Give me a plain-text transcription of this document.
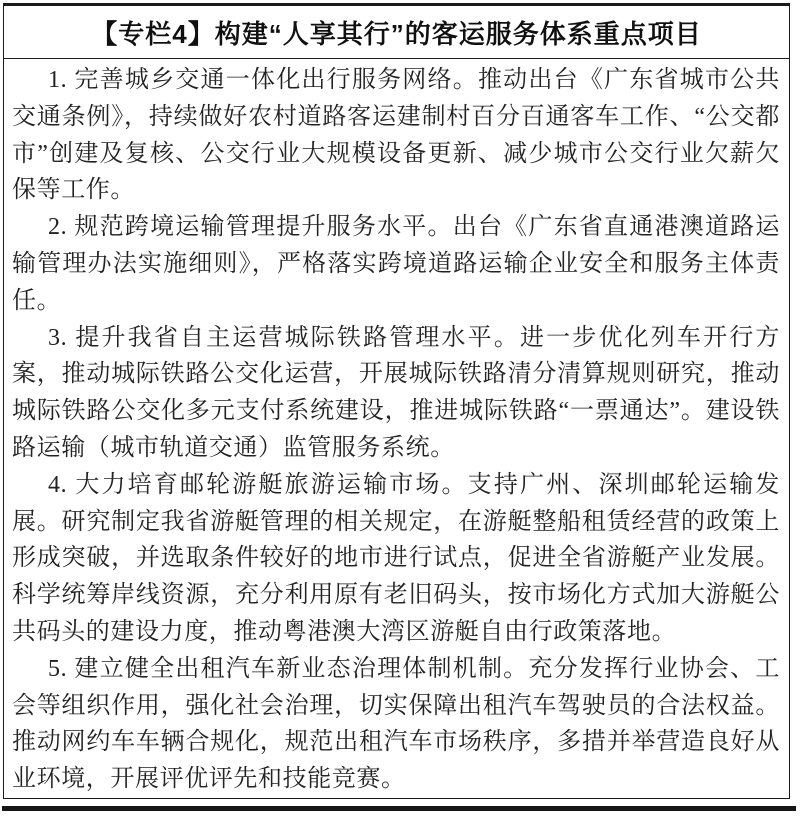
【专栏4】构建“人享其行”的客运服务体系重点项目

1. 完善城乡交通一体化出行服务网络。推动出台《广东省城市公共交通条例》，持续做好农村道路客运建制村百分百通客车工作、“公交都市”创建及复核、公交行业大规模设备更新、减少城市公交行业欠薪欠保等工作。

2. 规范跨境运输管理提升服务水平。出台《广东省直通港澳道路运输管理办法实施细则》，严格落实跨境道路运输企业安全和服务主体责任。

3. 提升我省自主运营城际铁路管理水平。进一步优化列车开行方案，推动城际铁路公交化运营，开展城际铁路清分清算规则研究，推动城际铁路公交化多元支付系统建设，推进城际铁路“一票通达”。建设铁路运输（城市轨道交通）监管服务系统。

4. 大力培育邮轮游艇旅游运输市场。支持广州、深圳邮轮运输发展。研究制定我省游艇管理的相关规定，在游艇整船租赁经营的政策上形成突破，并选取条件较好的地市进行试点，促进全省游艇产业发展。科学统筹岸线资源，充分利用原有老旧码头，按市场化方式加大游艇公共码头的建设力度，推动粤港澳大湾区游艇自由行政策落地。

5. 建立健全出租汽车新业态治理体制机制。充分发挥行业协会、工会等组织作用，强化社会治理，切实保障出租汽车驾驶员的合法权益。推动网约车车辆合规化，规范出租汽车市场秩序，多措并举营造良好从业环境，开展评优评先和技能竞赛。
